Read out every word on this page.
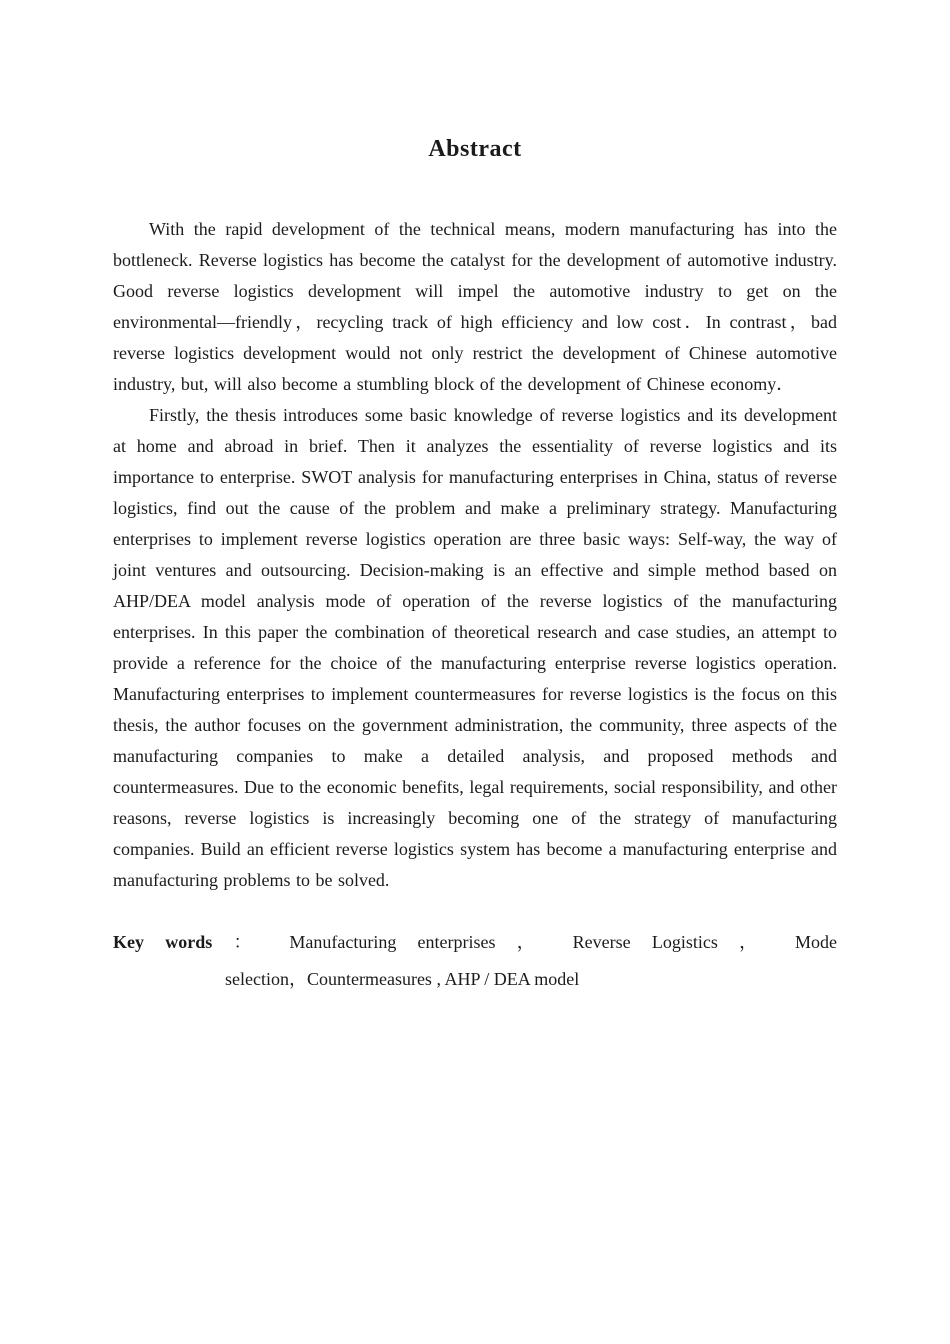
Abstract

With the rapid development of the technical means, modern manufacturing has into the bottleneck. Reverse logistics has become the catalyst for the development of automotive industry. Good reverse logistics development will impel the automotive industry to get on the environmental—friendly，recycling track of high efficiency and low cost．In contrast，bad reverse logistics development would not only restrict the development of Chinese automotive industry, but, will also become a stumbling block of the development of Chinese economy．

Firstly, the thesis introduces some basic knowledge of reverse logistics and its development at home and abroad in brief. Then it analyzes the essentiality of reverse logistics and its importance to enterprise. SWOT analysis for manufacturing enterprises in China, status of reverse logistics, find out the cause of the problem and make a preliminary strategy. Manufacturing enterprises to implement reverse logistics operation are three basic ways: Self-way, the way of joint ventures and outsourcing. Decision-making is an effective and simple method based on AHP/DEA model analysis mode of operation of the reverse logistics of the manufacturing enterprises. In this paper the combination of theoretical research and case studies, an attempt to provide a reference for the choice of the manufacturing enterprise reverse logistics operation. Manufacturing enterprises to implement countermeasures for reverse logistics is the focus on this thesis, the author focuses on the government administration, the community, three aspects of the manufacturing companies to make a detailed analysis, and proposed methods and countermeasures. Due to the economic benefits, legal requirements, social responsibility, and other reasons, reverse logistics is increasingly becoming one of the strategy of manufacturing companies. Build an efficient reverse logistics system has become a manufacturing enterprise and manufacturing problems to be solved.

Key words ： Manufacturing enterprises ， Reverse Logistics ， Mode
selection，Countermeasures , AHP / DEA model
